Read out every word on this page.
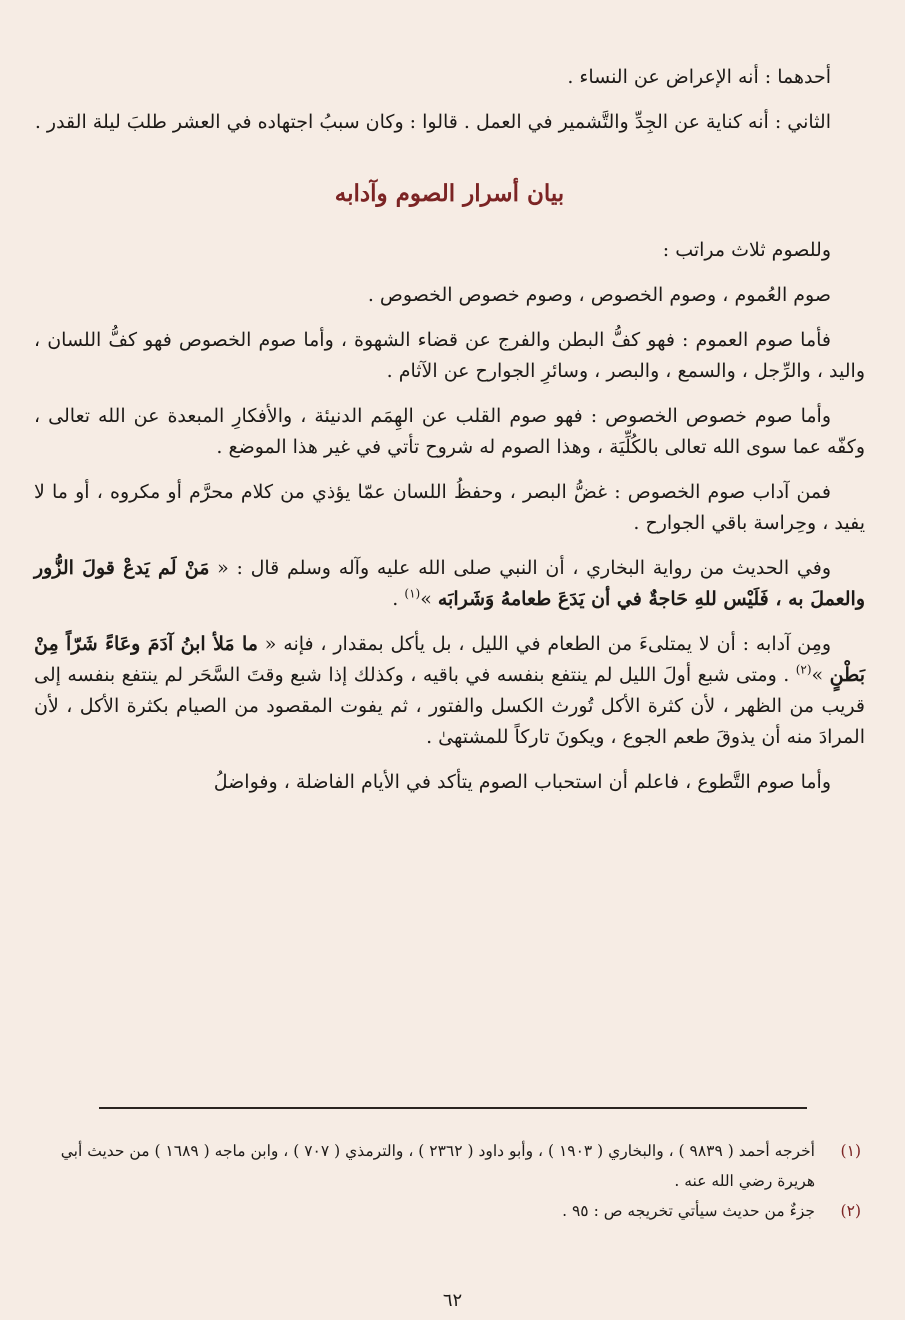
أحدهما : أنه الإعراض عن النساء .

الثاني : أنه كناية عن الجِدِّ والتَّشمير في العمل . قالوا : وكان سببُ اجتهاده في العشر طلبَ ليلة القدر .

بيان أسرار الصوم وآدابه

وللصوم ثلاث مراتب :

صوم العُموم ، وصوم الخصوص ، وصوم خصوص الخصوص .

فأما صوم العموم : فهو كفُّ البطن والفرج عن قضاء الشهوة ، وأما صوم الخصوص فهو كفُّ اللسان ، واليد ، والرِّجل ، والسمع ، والبصر ، وسائرِ الجوارح عن الآثام .

وأما صوم خصوص الخصوص : فهو صوم القلب عن الهِمَم الدنيئة ، والأفكارِ المبعدة عن الله تعالى ، وكفّه عما سوى الله تعالى بالكُلِّيَة ، وهذا الصوم له شروح تأتي في غير هذا الموضع .

فمن آداب صوم الخصوص : غضُّ البصر ، وحفظُ اللسان عمّا يؤذي من كلام محرَّم أو مكروه ، أو ما لا يفيد ، وحِراسة باقي الجوارح .

وفي الحديث من رواية البخاري ، أن النبي صلى الله عليه وآله وسلم قال : « مَنْ لَم يَدعْ قولَ الزُّور والعملَ به ، فَلَيْس للهِ حَاجةٌ في أن يَدَعَ طعامهُ وَشَرابَه »$^{(١)}$ .

ومِن آدابه : أن لا يمتلىءَ من الطعام في الليل ، بل يأكل بمقدار ، فإنه « ما مَلأ ابنُ آدَمَ وعَاءً شَرّاً مِنْ بَطْنٍ »$^{(٢)}$ . ومتى شبع أولَ الليل لم ينتفع بنفسه في باقيه ، وكذلك إذا شبع وقتَ السَّحَر لم ينتفع بنفسه إلى قريب من الظهر ، لأن كثرة الأكل تُورث الكسل والفتور ، ثم يفوت المقصود من الصيام بكثرة الأكل ، لأن المرادَ منه أن يذوقَ طعم الجوع ، ويكونَ تاركاً للمشتهىٰ .

وأما صوم التَّطوع ، فاعلم أن استحباب الصوم يتأكد في الأيام الفاضلة ، وفواضلُ

(١)
أخرجه أحمد ( ٩٨٣٩ ) ، والبخاري ( ١٩٠٣ ) ، وأبو داود ( ٢٣٦٢ ) ، والترمذي ( ٧٠٧ ) ، وابن ماجه ( ١٦٨٩ ) من حديث أبي هريرة رضي الله عنه .
(٢)
جزءٌ من حديث سيأتي تخريجه ص : ٩٥ .
٦٢
